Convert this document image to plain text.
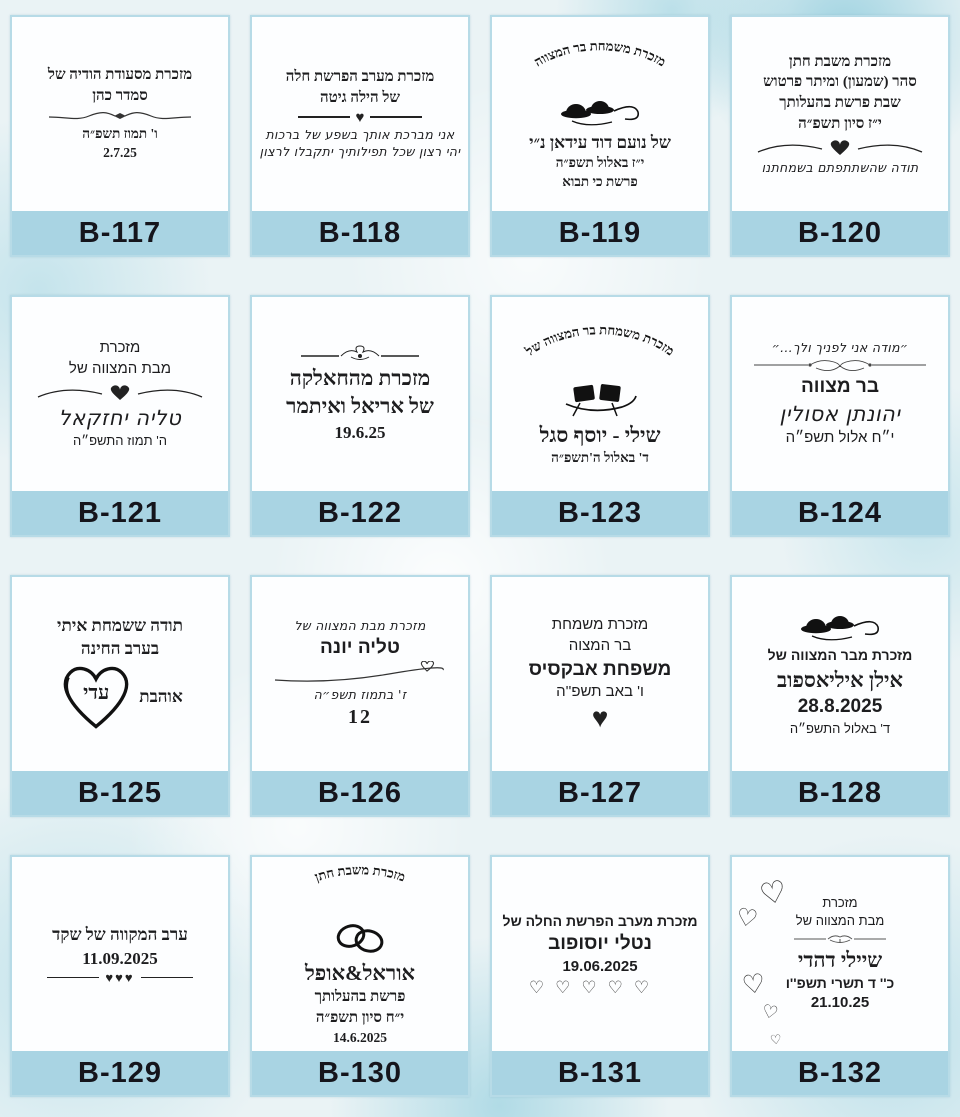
מזכרת מסעודת הודיה של
סמדר כהן
ו' תמוז תשפ״ה
2.7.25
B-117
מזכרת מערב הפרשת חלה
של הילה גיטה
♥
אני מברכת אותך בשפע של ברכות
יהי רצון שכל תפילותיך יתקבלו לרצון
B-118
מזכרת משמחת בר המצווה
של נועם דוד עידאן נ״י
י״ז באלול תשפ״ה
פרשת כי תבוא
B-119
מזכרת משבת חתן
סהר (שמעון) ומיתר פרטוש
שבת פרשת בהעלותך
י״ז סיון תשפ״ה
תודה שהשתתפתם בשמחתנו
B-120
מזכרת
מבת המצווה של
טליה יחזקאל
ה' תמוז התשפ״ה
B-121
מזכרת מהחאלקה
של אריאל ואיתמר
19.6.25
B-122
מזכרת משמחת בר המצווה של
שילי - יוסף סגל
ד' באלול ה'תשפ״ה
B-123
״מודה אני לפניך ולך...״
בר מצווה
יהונתן אסולין
י״ח אלול תשפ״ה
B-124
תודה ששמחת איתי
בערב החינה
אוהבת
עדי
B-125
מזכרת מבת המצווה של
טליה יונה
ז' בתמוז תשפ״ה
12
B-126
מזכרת משמחת
בר המצוה
משפחת אבקסיס
ו' באב תשפ''ה
♥
B-127
מזכרת מבר המצווה של
אילן איליאספוב
28.8.2025
ד' באלול התשפ״ה
B-128
ערב המקווה של שקד
11.09.2025
♥♥♥
B-129
מזכרת משבת חתן
אוראל&אופל
פרשת בהעלותך
י״ח סיון תשפ״ה
14.6.2025
B-130
מזכרת מערב הפרשת החלה של
נטלי יוסופוב
19.06.2025
♡♡♡♡♡
B-131
♡
♡
♡
♡
♡
מזכרת
מבת המצווה של
שיילי דהדי
כ'' ד תשרי תשפ''ו
21.10.25
B-132
